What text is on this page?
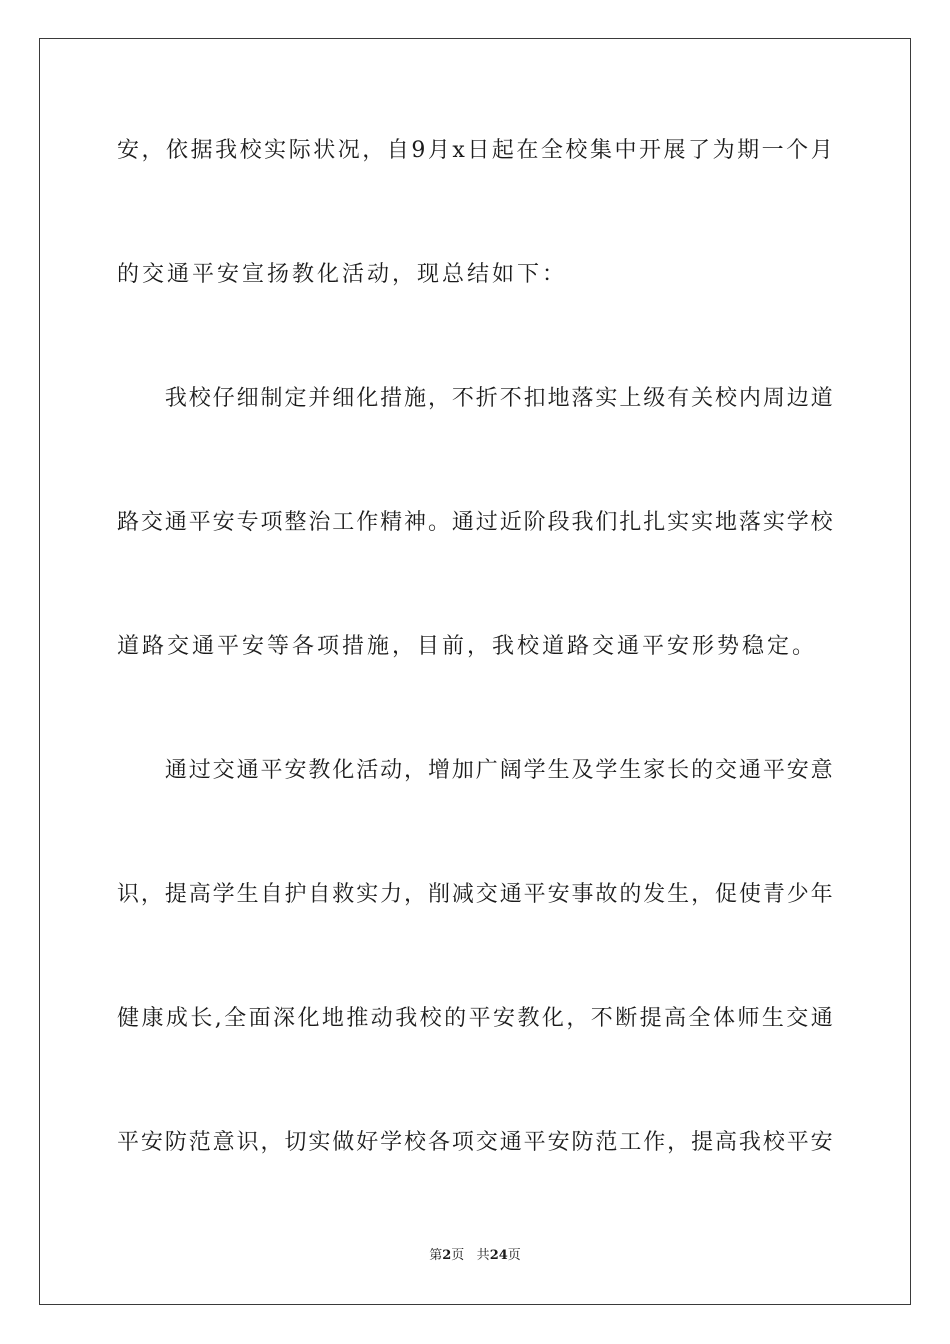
安，依据我校实际状况，自9月x日起在全校集中开展了为期一个月
的交通平安宣扬教化活动，现总结如下：
　　我校仔细制定并细化措施，不折不扣地落实上级有关校内周边道
路交通平安专项整治工作精神。通过近阶段我们扎扎实实地落实学校
道路交通平安等各项措施，目前，我校道路交通平安形势稳定。
　　通过交通平安教化活动，增加广阔学生及学生家长的交通平安意
识，提高学生自护自救实力，削减交通平安事故的发生，促使青少年
健康成长,全面深化地推动我校的平安教化，不断提高全体师生交通
平安防范意识，切实做好学校各项交通平安防范工作，提高我校平安
第2页 共24页
